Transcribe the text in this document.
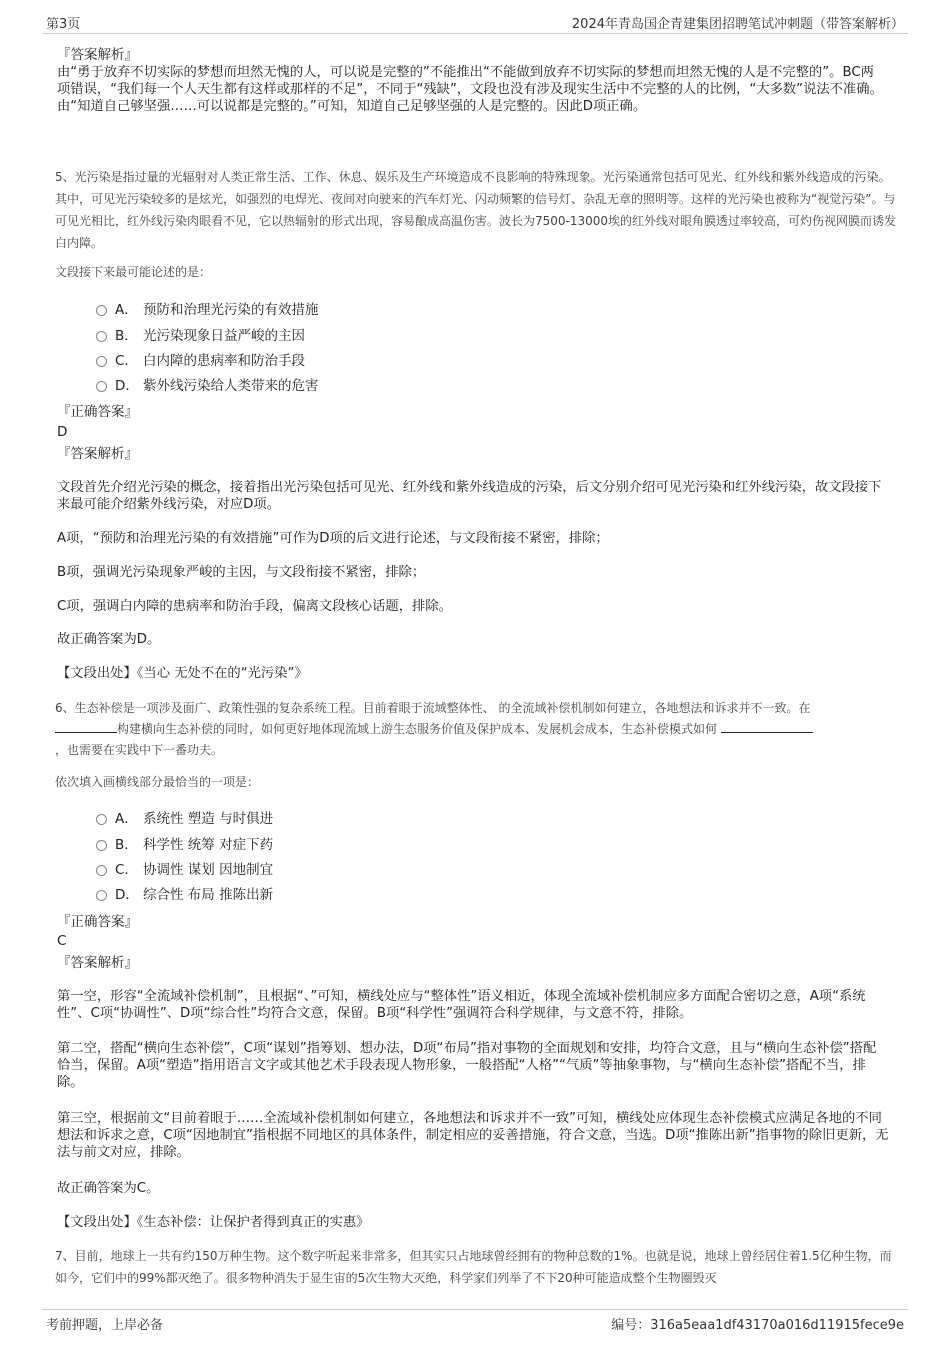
第3页	2024年青岛国企青建集团招聘笔试冲刺题（带答案解析）
『答案解析』

由“勇于放弃不切实际的梦想而坦然无愧的人，可以说是完整的”不能推出“不能做到放弃不切实际的梦想而坦然无愧的人是不完整的”。BC两项错误，“我们每一个人天生都有这样或那样的不足”，不同于“残缺”，文段也没有涉及现实生活中不完整的人的比例，“大多数”说法不准确。由“知道自己够坚强……可以说都是完整的。”可知，知道自己足够坚强的人是完整的。因此D项正确。

5、光污染是指过量的光辐射对人类正常生活、工作、休息、娱乐及生产环境造成不良影响的特殊现象。光污染通常包括可见光、红外线和紫外线造成的污染。其中，可见光污染较多的是炫光，如强烈的电焊光、夜间对向驶来的汽车灯光、闪动频繁的信号灯、杂乱无章的照明等。这样的光污染也被称为“视觉污染”。与可见光相比，红外线污染肉眼看不见，它以热辐射的形式出现，容易酿成高温伤害。波长为7500-13000埃的红外线对眼角膜透过率较高，可灼伤视网膜而诱发白内障。
文段接下来最可能论述的是：
A． 预防和治理光污染的有效措施
B． 光污染现象日益严峻的主因
C． 白内障的患病率和防治手段
D． 紫外线污染给人类带来的危害
『正确答案』
D
『答案解析』

文段首先介绍光污染的概念，接着指出光污染包括可见光、红外线和紫外线造成的污染，后文分别介绍可见光污染和红外线污染，故文段接下来最可能介绍紫外线污染，对应D项。

A项，“预防和治理光污染的有效措施”可作为D项的后文进行论述，与文段衔接不紧密，排除；

B项，强调光污染现象严峻的主因，与文段衔接不紧密，排除；

C项，强调白内障的患病率和防治手段，偏离文段核心话题，排除。

故正确答案为D。

【文段出处】《当心 无处不在的“光污染”》

6、生态补偿是一项涉及面广、政策性强的复杂系统工程。目前着眼于流域整体性、 的全流域补偿机制如何建立，各地想法和诉求并不一致。在
构建横向生态补偿的同时，如何更好地体现流域上游生态服务价值及保护成本、发展机会成本，生态补偿模式如何
，也需要在实践中下一番功夫。
依次填入画横线部分最恰当的一项是：
A． 系统性 塑造 与时俱进
B． 科学性 统筹 对症下药
C． 协调性 谋划 因地制宜
D． 综合性 布局 推陈出新
『正确答案』
C
『答案解析』

第一空，形容“全流域补偿机制”，且根据“、”可知，横线处应与“整体性”语义相近，体现全流域补偿机制应多方面配合密切之意，A项“系统性”、C项“协调性”、D项“综合性”均符合文意，保留。B项“科学性”强调符合科学规律，与文意不符，排除。

第二空，搭配“横向生态补偿”，C项“谋划”指筹划、想办法，D项“布局”指对事物的全面规划和安排，均符合文意，且与“横向生态补偿”搭配恰当，保留。A项“塑造”指用语言文字或其他艺术手段表现人物形象，一般搭配“人格”“气质”等抽象事物，与“横向生态补偿”搭配不当，排除。

第三空，根据前文“目前着眼于……全流域补偿机制如何建立，各地想法和诉求并不一致”可知，横线处应体现生态补偿模式应满足各地的不同想法和诉求之意，C项“因地制宜”指根据不同地区的具体条件，制定相应的妥善措施，符合文意，当选。D项“推陈出新”指事物的除旧更新，无法与前文对应，排除。

故正确答案为C。

【文段出处】《生态补偿：让保护者得到真正的实惠》

7、目前，地球上一共有约150万种生物。这个数字听起来非常多，但其实只占地球曾经拥有的物种总数的1%。也就是说，地球上曾经居住着1.5亿种生物，而如今，它们中的99%都灭绝了。很多物种消失于显生宙的5次生物大灭绝，科学家们列举了不下20种可能造成整个生物圈毁灭
考前押题，上岸必备	编号：316a5eaa1df43170a016d11915fece9e
